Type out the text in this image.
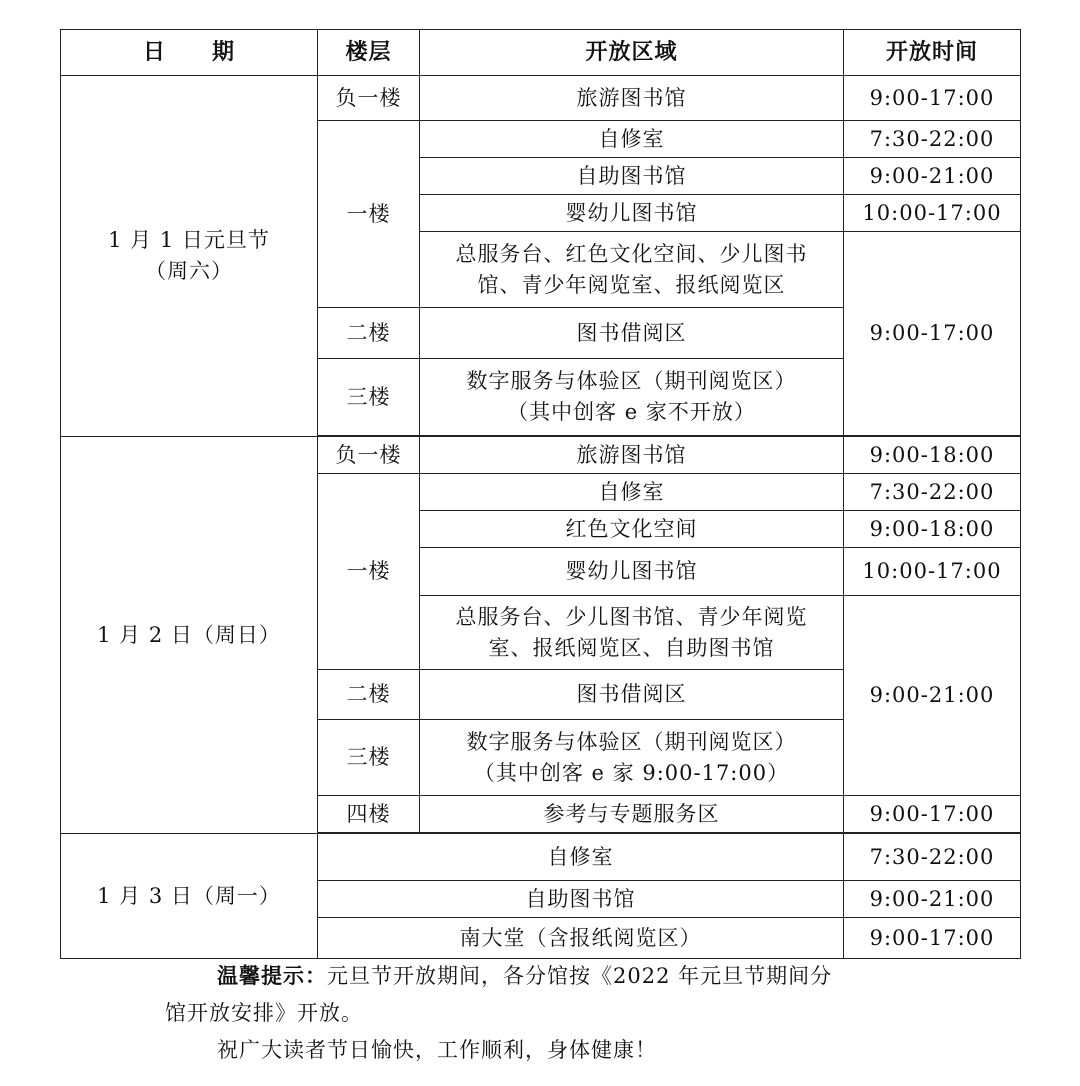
日　　期	楼层	开放区域	开放时间

1 月 1 日元旦节
（周六）	负一楼	旅游图书馆	9:00-17:00
	一楼	自修室	7:30-22:00
		自助图书馆	9:00-21:00
		婴幼儿图书馆	10:00-17:00

		总服务台、红色文化空间、少儿图书
馆、青少年阅览室、报纸阅览区	9:00-17:00
	二楼	图书借阅区	
	三楼	数字服务与体验区（期刊阅览区）
（其中创客 e 家不开放）	

1 月 2 日（周日）	负一楼	旅游图书馆	9:00-18:00
	一楼	自修室	7:30-22:00
		红色文化空间	9:00-18:00
		婴幼儿图书馆	10:00-17:00

		总服务台、少儿图书馆、青少年阅览
室、报纸阅览区、自助图书馆	9:00-21:00
	二楼	图书借阅区	
	三楼	数字服务与体验区（期刊阅览区）
（其中创客 e 家 9:00-17:00）	

	四楼	参考与专题服务区	9:00-17:00

1 月 3 日（周一）	自修室		7:30-22:00
	自助图书馆		9:00-21:00
	南大堂（含报纸阅览区）		9:00-17:00

温馨提示：元旦节开放期间，各分馆按《2022 年元旦节期间分

馆开放安排》开放。

祝广大读者节日愉快，工作顺利，身体健康！
